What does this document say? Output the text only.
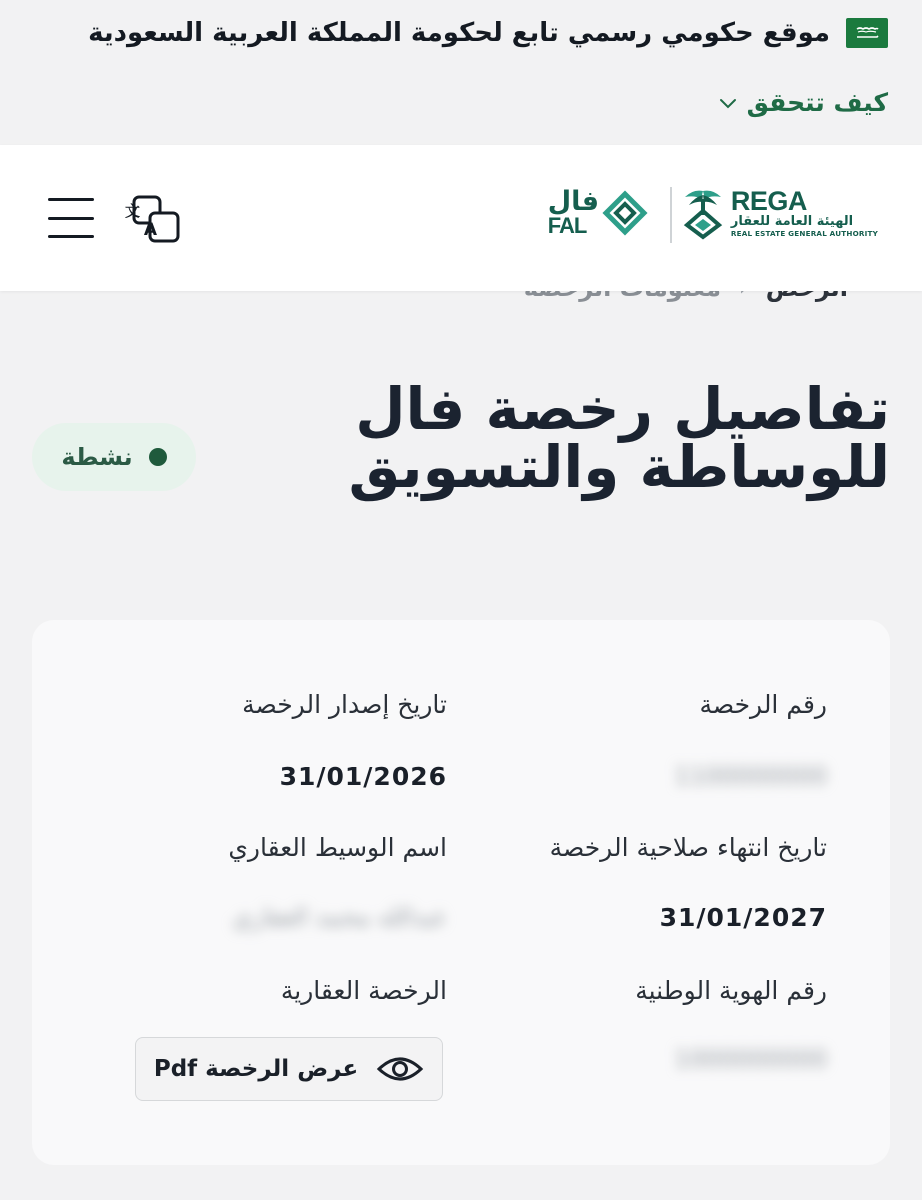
موقع حكومي رسمي تابع لحكومة المملكة العربية السعودية
كيف تتحقق
REGA
الهيئة العامة للعقار
REAL ESTATE GENERAL AUTHORITY
فال
FAL
文
A
تفاصيل رخصة فال للوساطة والتسويق
نشطة
رقم الرخصة
1100000000
تاريخ انتهاء صلاحية الرخصة
31/01/2027
رقم الهوية الوطنية
1000000000
تاريخ إصدار الرخصة
31/01/2026
اسم الوسيط العقاري
عبدالله محمد العقاري
الرخصة العقارية
عرض الرخصة Pdf
